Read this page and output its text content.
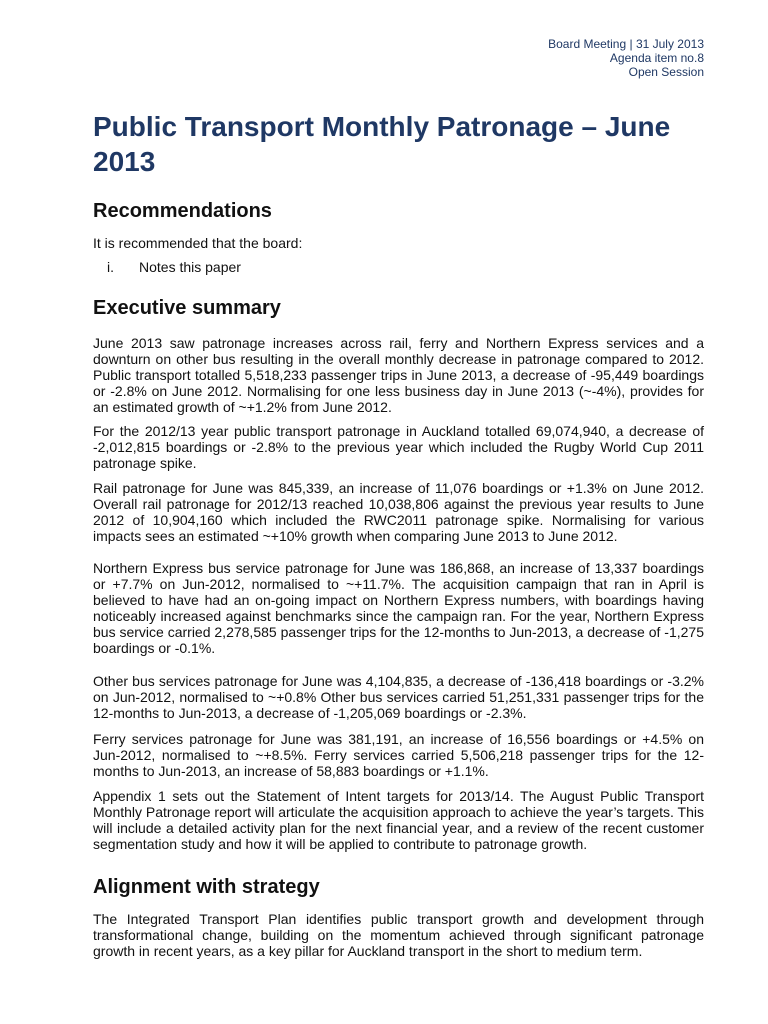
Board Meeting | 31 July 2013
Agenda item no.8
Open Session
Public Transport Monthly Patronage – June 2013
Recommendations

It is recommended that the board:

i. Notes this paper
Executive summary

June 2013 saw patronage increases across rail, ferry and Northern Express services and a downturn on other bus resulting in the overall monthly decrease in patronage compared to 2012. Public transport totalled 5,518,233 passenger trips in June 2013, a decrease of -95,449 boardings or -2.8% on June 2012. Normalising for one less business day in June 2013 (~-4%), provides for an estimated growth of ~+1.2% from June 2012.

For the 2012/13 year public transport patronage in Auckland totalled 69,074,940, a decrease of -2,012,815 boardings or -2.8% to the previous year which included the Rugby World Cup 2011 patronage spike.

Rail patronage for June was 845,339, an increase of 11,076 boardings or +1.3% on June 2012. Overall rail patronage for 2012/13 reached 10,038,806 against the previous year results to June 2012 of 10,904,160 which included the RWC2011 patronage spike. Normalising for various impacts sees an estimated ~+10% growth when comparing June 2013 to June 2012.

Northern Express bus service patronage for June was 186,868, an increase of 13,337 boardings or +7.7% on Jun-2012, normalised to ~+11.7%. The acquisition campaign that ran in April is believed to have had an on-going impact on Northern Express numbers, with boardings having noticeably increased against benchmarks since the campaign ran. For the year, Northern Express bus service carried 2,278,585 passenger trips for the 12-months to Jun-2013, a decrease of -1,275 boardings or -0.1%.

Other bus services patronage for June was 4,104,835, a decrease of -136,418 boardings or -3.2% on Jun-2012, normalised to ~+0.8% Other bus services carried 51,251,331 passenger trips for the 12-months to Jun-2013, a decrease of -1,205,069 boardings or -2.3%.

Ferry services patronage for June was 381,191, an increase of 16,556 boardings or +4.5% on Jun-2012, normalised to ~+8.5%. Ferry services carried 5,506,218 passenger trips for the 12-months to Jun-2013, an increase of 58,883 boardings or +1.1%.

Appendix 1 sets out the Statement of Intent targets for 2013/14. The August Public Transport Monthly Patronage report will articulate the acquisition approach to achieve the year’s targets. This will include a detailed activity plan for the next financial year, and a review of the recent customer segmentation study and how it will be applied to contribute to patronage growth.

Alignment with strategy

The Integrated Transport Plan identifies public transport growth and development through transformational change, building on the momentum achieved through significant patronage growth in recent years, as a key pillar for Auckland transport in the short to medium term.
